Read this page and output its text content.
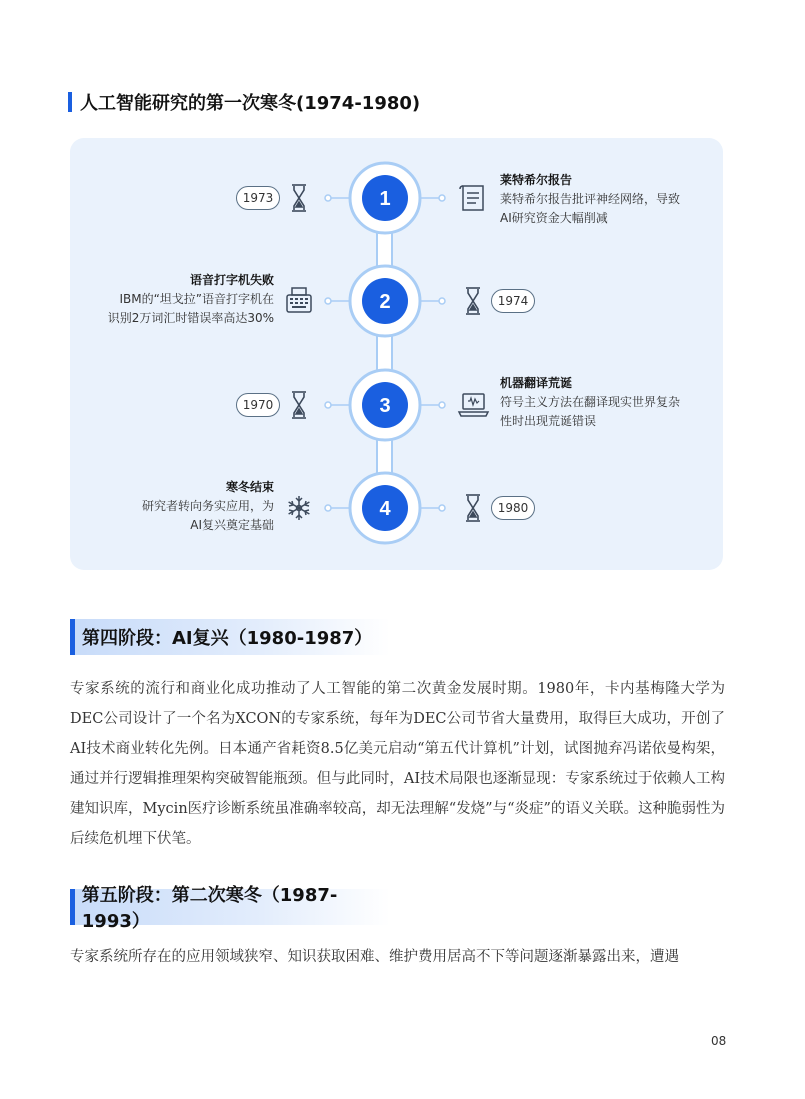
人工智能研究的第一次寒冬(1974-1980)
1
2
3
4
1973
1974
1970
1980
莱特希尔报告
莱特希尔报告批评神经网络，导致
AI研究资金大幅削减
语音打字机失败
IBM的“坦戈拉”语音打字机在
识别2万词汇时错误率高达30%
机器翻译荒诞
符号主义方法在翻译现实世界复杂
性时出现荒诞错误
寒冬结束
研究者转向务实应用，为
AI复兴奠定基础
第四阶段：AI复兴（1980-1987）
专家系统的流行和商业化成功推动了人工智能的第二次黄金发展时期。1980年，卡内基梅隆大学为DEC公司设计了一个名为XCON的专家系统，每年为DEC公司节省大量费用，取得巨大成功，开创了AI技术商业转化先例。日本通产省耗资8.5亿美元启动“第五代计算机”计划，试图抛弃冯诺依曼构架，通过并行逻辑推理架构突破智能瓶颈。但与此同时，AI技术局限也逐渐显现：专家系统过于依赖人工构建知识库，Mycin医疗诊断系统虽准确率较高，却无法理解“发烧”与“炎症”的语义关联。这种脆弱性为后续危机埋下伏笔。
第五阶段：第二次寒冬（1987-1993）
专家系统所存在的应用领域狭窄、知识获取困难、维护费用居高不下等问题逐渐暴露出来，遭遇
08
